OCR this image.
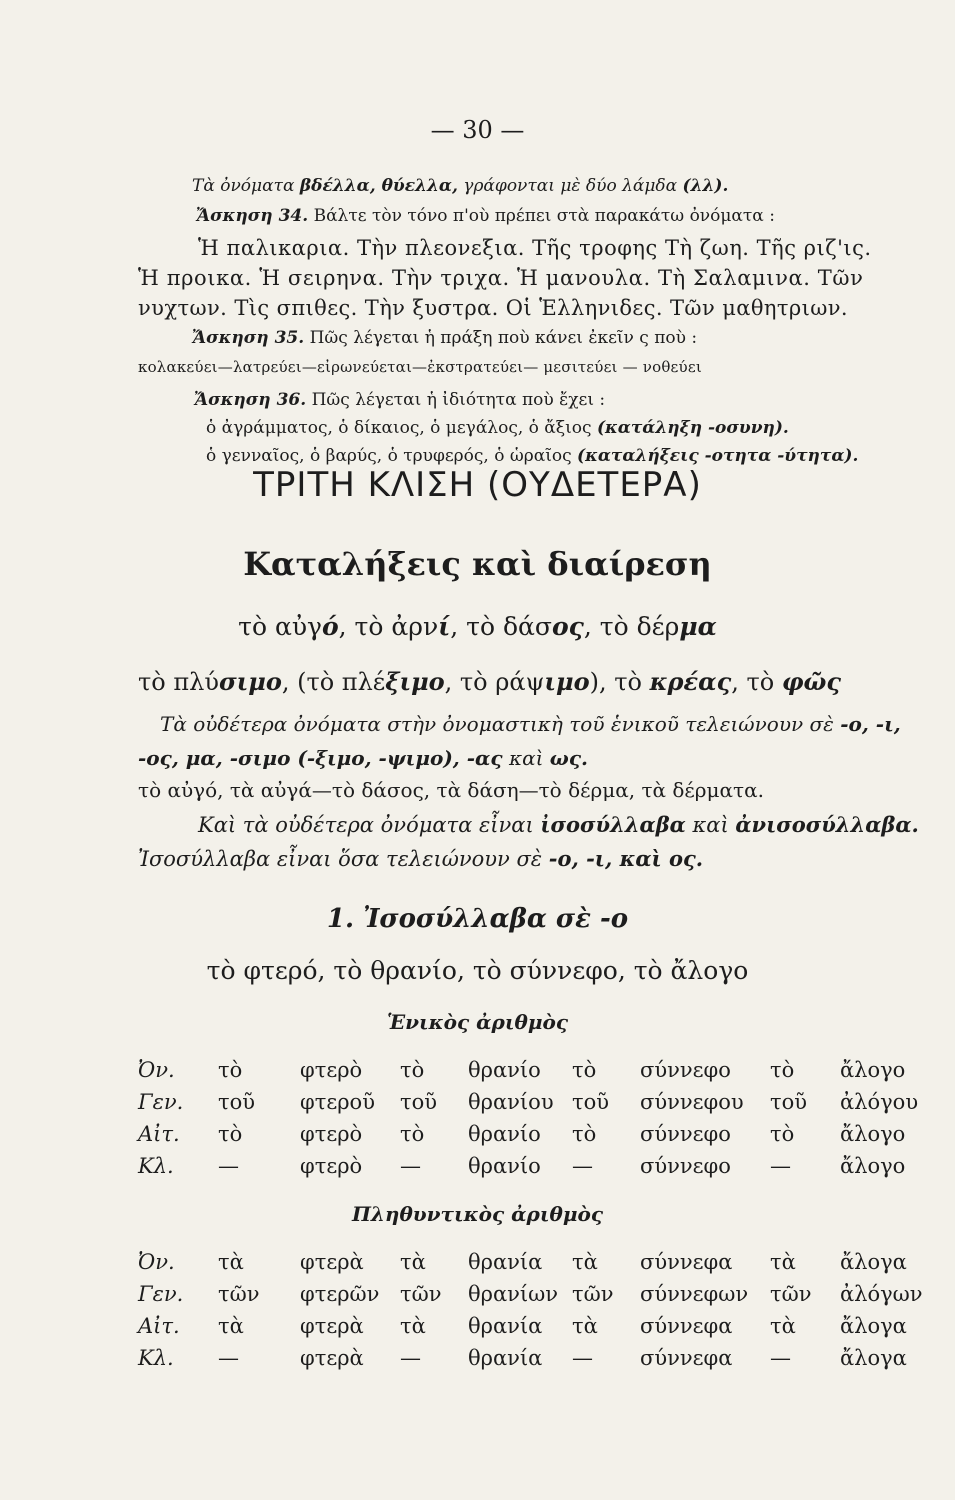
— 30 —
Τὰ ὀνόματα βδέλλα, θύελλα, γράφονται μὲ δύο λάμδα (λλ).
Ἄσκηση 34. Βάλτε τὸν τόνο π'οὺ πρέπει στὰ παρακάτω ὀνόματα :
Ἡ παλικαρια. Τὴν πλεονεξια. Τῆς τροφης Τὴ ζωη. Τῆς ριζ'ις.
Ἡ προικα. Ἡ σειρηνα. Τὴν τριχα. Ἡ μανουλα. Τὴ Σαλαμινα. Τῶν
νυχτων. Τὶς σπιθες. Τὴν ξυστρα. Οἱ Ἑλληνιδες. Τῶν μαθητριων.
Ἄσκηση 35. Πῶς λέγεται ἡ πράξη ποὺ κάνει ἐκεῖν ς ποὺ :
κολακεύει—λατρεύει—εἰρωνεύεται—ἐκστρατεύει— μεσιτεύει — νοθεύει
Ἄσκηση 36. Πῶς λέγεται ἡ ἰδιότητα ποὺ ἔχει :
ὁ ἀγράμματος, ὁ δίκαιος, ὁ μεγάλος, ὁ ἄξιος (κατάληξη -οσυνη).
ὁ γενναῖος, ὁ βαρύς, ὁ τρυφερός, ὁ ὡραῖος (καταλήξεις -οτητα -ύτητα).
ΤΡΙΤΗ ΚΛΙΣΗ (ΟΥΔΕΤΕΡΑ)
Καταλήξεις καὶ διαίρεση
τὸ αὐγό, τὸ ἀρνί, τὸ δάσος, τὸ δέρμα
τὸ πλύσιμο, (τὸ πλέξιμο, τὸ ράψιμο), τὸ κρέας, τὸ φῶς
Τὰ οὐδέτερα ὀνόματα στὴν ὀνομαστικὴ τοῦ ἑνικοῦ τελειώνουν σὲ -ο, -ι,
-ος, μα, -σιμο (-ξιμο, -ψιμο), -ας καὶ ως.
τὸ αὐγό, τὰ αὐγά—τὸ δάσος, τὰ δάση—τὸ δέρμα, τὰ δέρματα.
Καὶ τὰ οὐδέτερα ὀνόματα εἶναι ἰσοσύλλαβα καὶ ἀνισοσύλλαβα.
Ἰσοσύλλαβα εἶναι ὅσα τελειώνουν σὲ -ο, -ι, καὶ ος.
1. Ἰσοσύλλαβα σὲ -ο
τὸ φτερό, τὸ θρανίο, τὸ σύννεφο, τὸ ἄλογο
Ἑνικὸς ἀριθμὸς
Ὀν. τὸ	φτερὸ τὸ θρανίο τὸ σύννεφο τὸ ἄλογο
Γεν. τοῦ φτεροῦ τοῦ θρανίου τοῦ σύννεφου τοῦ ἀλόγου
Αἰτ. τὸ	φτερὸ τὸ θρανίο τὸ σύννεφο τὸ ἄλογο
Κλ. —	φτερὸ — θρανίο — σύννεφο — ἄλογο
Πληθυντικὸς ἀριθμὸς
Ὀν. τὰ	φτερὰ τὰ θρανία τὰ σύννεφα τὰ ἄλογα
Γεν. τῶν φτερῶν τῶν θρανίων τῶν σύννεφων τῶν ἀλόγων
Αἰτ. τὰ	φτερὰ τὰ θρανία τὰ σύννεφα τὰ ἄλογα
Κλ. —	φτερὰ — θρανία — σύννεφα — ἄλογα
